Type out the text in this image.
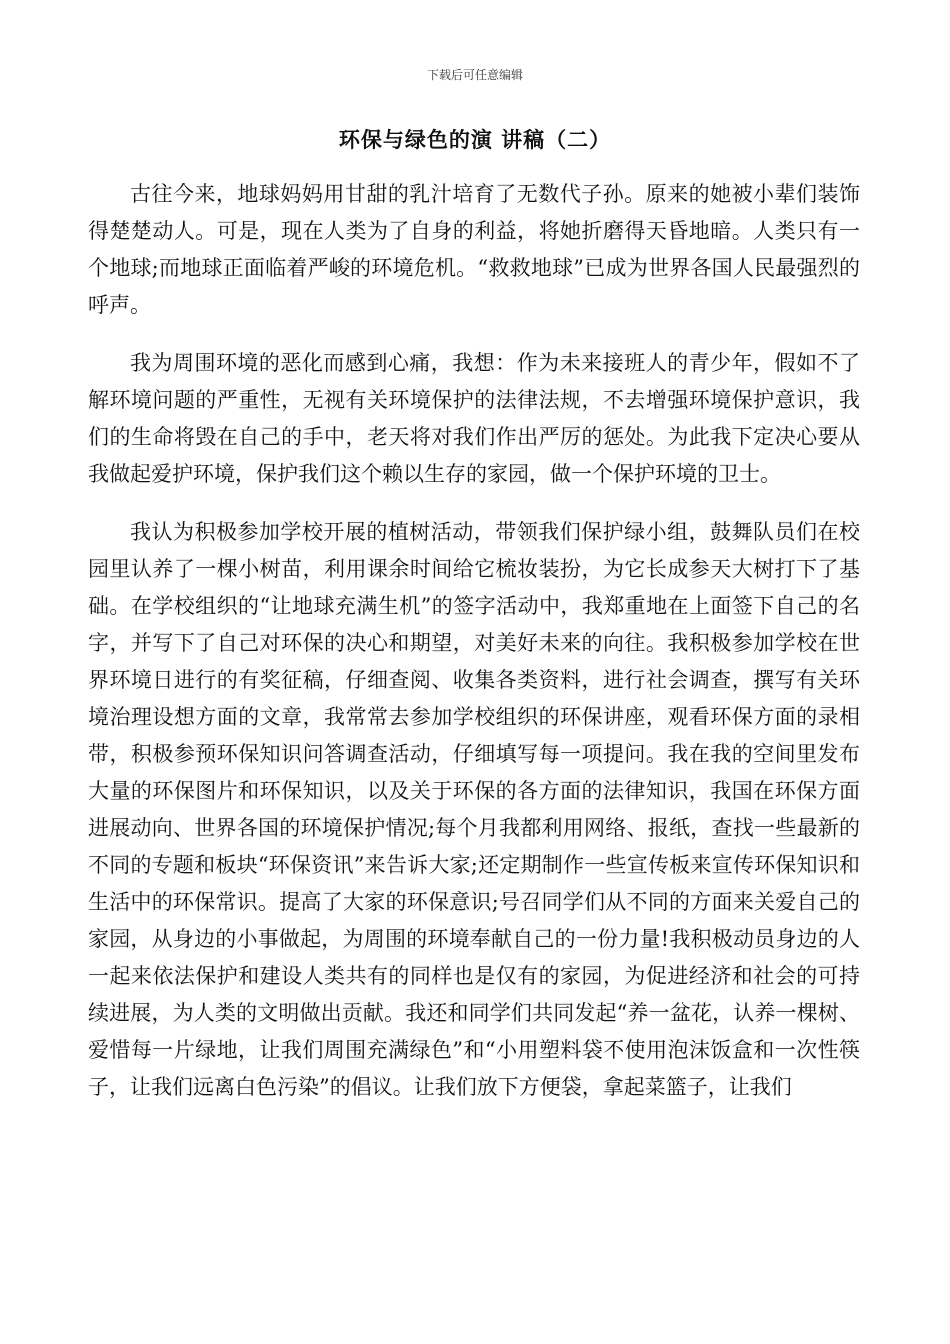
下载后可任意编辑
环保与绿色的演 讲稿（二）

古往今来，地球妈妈用甘甜的乳汁培育了无数代子孙。原来的她被小辈们装饰得楚楚动人。可是，现在人类为了自身的利益，将她折磨得天昏地暗。人类只有一个地球;而地球正面临着严峻的环境危机。“救救地球”已成为世界各国人民最强烈的呼声。

我为周围环境的恶化而感到心痛，我想：作为未来接班人的青少年，假如不了解环境问题的严重性，无视有关环境保护的法律法规，不去增强环境保护意识，我们的生命将毁在自己的手中，老天将对我们作出严厉的惩处。为此我下定决心要从我做起爱护环境，保护我们这个赖以生存的家园，做一个保护环境的卫士。

我认为积极参加学校开展的植树活动，带领我们保护绿小组，鼓舞队员们在校园里认养了一棵小树苗，利用课余时间给它梳妆装扮，为它长成参天大树打下了基础。在学校组织的“让地球充满生机”的签字活动中，我郑重地在上面签下自己的名字，并写下了自己对环保的决心和期望，对美好未来的向往。我积极参加学校在世界环境日进行的有奖征稿，仔细查阅、收集各类资料，进行社会调查，撰写有关环境治理设想方面的文章，我常常去参加学校组织的环保讲座，观看环保方面的录相带，积极参预环保知识问答调查活动，仔细填写每一项提问。我在我的空间里发布大量的环保图片和环保知识，以及关于环保的各方面的法律知识，我国在环保方面进展动向、世界各国的环境保护情况;每个月我都利用网络、报纸，查找一些最新的不同的专题和板块“环保资讯”来告诉大家;还定期制作一些宣传板来宣传环保知识和生活中的环保常识。提高了大家的环保意识;号召同学们从不同的方面来关爱自己的家园，从身边的小事做起，为周围的环境奉献自己的一份力量!我积极动员身边的人一起来依法保护和建设人类共有的同样也是仅有的家园，为促进经济和社会的可持续进展，为人类的文明做出贡献。我还和同学们共同发起“养一盆花，认养一棵树、爱惜每一片绿地，让我们周围充满绿色”和“小用塑料袋不使用泡沫饭盒和一次性筷子，让我们远离白色污染”的倡议。让我们放下方便袋，拿起菜篮子，让我们
